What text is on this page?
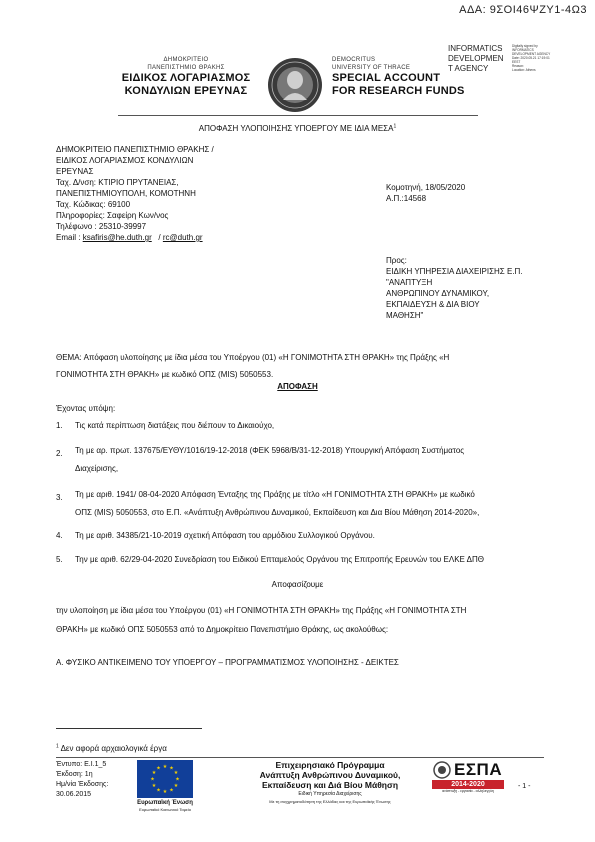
ΑΔΑ: 9ΣΟΙ46ΨΖΥ1-4Ω3
INFORMATICS DEVELOPMEN T AGENCY
Digitally signed by
INFORMATICS
DEVELOPMENT AGENCY
Date: 2020.05.21 17:19:01
EEST
Reason:
Location: Athens
ΔΗΜΟΚΡΙΤΕΙΟ
ΠΑΝΕΠΙΣΤΗΜΙΟ ΘΡΑΚΗΣ
ΕΙΔΙΚΟΣ ΛΟΓΑΡΙΑΣΜΟΣ
ΚΟΝΔΥΛΙΩΝ ΕΡΕΥΝΑΣ
DEMOCRITUS
UNIVERSITY OF THRACE
SPECIAL ACCOUNT
FOR RESEARCH FUNDS
ΑΠΟΦΑΣΗ ΥΛΟΠΟΙΗΣΗΣ ΥΠΟΕΡΓΟΥ ΜΕ ΙΔΙΑ ΜΕΣΑ$^1$
ΔΗΜΟΚΡΙΤΕΙΟ ΠΑΝΕΠΙΣΤΗΜΙΟ ΘΡΑΚΗΣ /
ΕΙΔΙΚΟΣ ΛΟΓΑΡΙΑΣΜΟΣ ΚΟΝΔΥΛΙΩΝ
ΕΡΕΥΝΑΣ
Ταχ. Δ/νση: ΚΤΙΡΙΟ ΠΡΥΤΑΝΕΙΑΣ,
ΠΑΝΕΠΙΣΤΗΜΙΟΥΠΟΛΗ, ΚΟΜΟΤΗΝΗ
Ταχ. Κώδικας: 69100
Πληροφορίες: Σαφείρη Κων/νος
Τηλέφωνο : 25310-39997
Email : ksafiris@he.duth.gr / rc@duth.gr
Κομοτηνή, 18/05/2020
Α.Π.:14568
Προς:
ΕΙΔΙΚΗ ΥΠΗΡΕΣΙΑ ΔΙΑΧΕΙΡΙΣΗΣ Ε.Π.
"ΑΝΑΠΤΥΞΗ
ΑΝΘΡΩΠΙΝΟΥ ΔΥΝΑΜΙΚΟΥ,
ΕΚΠΑΙΔΕΥΣΗ & ΔΙΑ ΒΙΟΥ
ΜΑΘΗΣΗ"
ΘΕΜΑ: Απόφαση υλοποίησης με ίδια μέσα του Υποέργου (01) «Η ΓΟΝΙΜΟΤΗΤΑ ΣΤΗ ΘΡΑΚΗ» της Πράξης «Η
ΓΟΝΙΜΟΤΗΤΑ ΣΤΗ ΘΡΑΚΗ» με κωδικό ΟΠΣ (MIS) 5050553.
ΑΠΟΦΑΣΗ
Έχοντας υπόψη:
1. Τις κατά περίπτωση διατάξεις που διέπουν το Δικαιούχο,
2. Τη με αρ. πρωτ. 137675/ΕΥΘΥ/1016/19-12-2018 (ΦΕΚ 5968/Β/31-12-2018) Υπουργική Απόφαση Συστήματος
Διαχείρισης,
3. Τη με αριθ. 1941/ 08-04-2020 Απόφαση Ένταξης της Πράξης με τίτλο «Η ΓΟΝΙΜΟΤΗΤΑ ΣΤΗ ΘΡΑΚΗ» με κωδικό
ΟΠΣ (MIS) 5050553, στο Ε.Π. «Ανάπτυξη Ανθρώπινου Δυναμικού, Εκπαίδευση και Δια Βίου Μάθηση 2014-2020»,
4. Τη με αριθ. 34385/21-10-2019 σχετική Απόφαση του αρμόδιου Συλλογικού Οργάνου.
5. Την με αριθ. 62/29-04-2020 Συνεδρίαση του Ειδικού Επταμελούς Οργάνου της Επιτροπής Ερευνών του ΕΛΚΕ ΔΠΘ
Αποφασίζουμε
την υλοποίηση με ίδια μέσα του Υποέργου (01) «Η ΓΟΝΙΜΟΤΗΤΑ ΣΤΗ ΘΡΑΚΗ» της Πράξης «Η ΓΟΝΙΜΟΤΗΤΑ ΣΤΗ
ΘΡΑΚΗ» με κωδικό ΟΠΣ 5050553 από το Δημοκρίτειο Πανεπιστήμιο Θράκης, ως ακολούθως:
Α. ΦΥΣΙΚΟ ΑΝΤΙΚΕΙΜΕΝΟ ΤΟΥ ΥΠΟΕΡΓΟΥ – ΠΡΟΓΡΑΜΜΑΤΙΣΜΟΣ ΥΛΟΠΟΙΗΣΗΣ - ΔΕΙΚΤΕΣ
$^1$ Δεν αφορά αρχαιολογικά έργα
Έντυπο: Ε.Ι.1_5
Έκδοση: 1η
Ημ/νία Έκδοσης:
30.06.2015
★ ★
★
★
★
★
★
★
★
★
★
★
Ευρωπαϊκή Ένωση
Ευρωπαϊκό Κοινωνικό Ταμείο
Επιχειρησιακό Πρόγραμμα
Ανάπτυξη Ανθρώπινου Δυναμικού,
Εκπαίδευση και Διά Βίου Μάθηση
Ειδική Υπηρεσία Διαχείρισης
Με τη συγχρηματοδότηση της Ελλάδας και της Ευρωπαϊκής Ένωσης
ΕΣΠΑ
2014-2020
ανάπτυξη - εργασία - αλληλεγγύη
- 1 -
